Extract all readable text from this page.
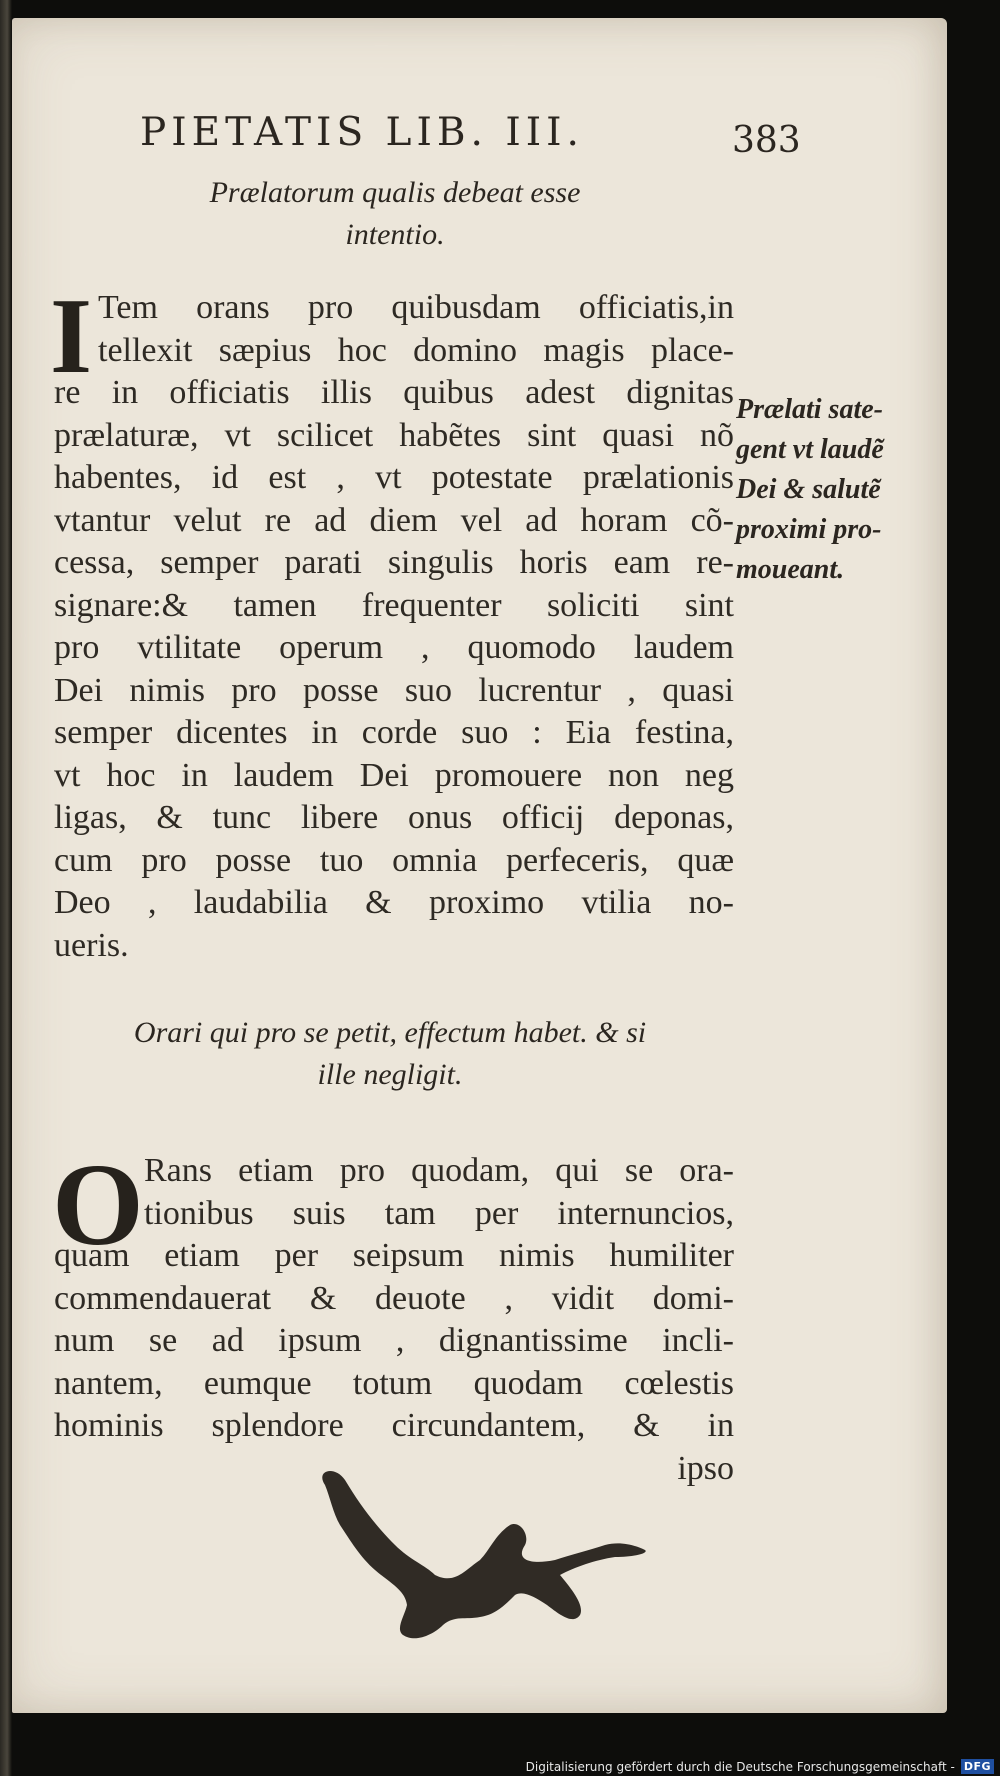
PIETATIS LIB. III.	383
Prælatorum qualis debeat esse
intentio.
I Tem orans pro quibusdam officiatis,in
tellexit sæpius hoc domino magis place-
re in officiatis illis quibus adest dignitas
prælaturæ, vt scilicet habẽtes sint quasi nõ
habentes, id est , vt potestate prælationis
vtantur velut re ad diem vel ad horam cõ-
cessa, semper parati singulis horis eam re-
signare:& tamen frequenter soliciti sint
pro vtilitate operum , quomodo laudem
Dei nimis pro posse suo lucrentur , quasi
semper dicentes in corde suo : Eia festina,
vt hoc in laudem Dei promouere non neg
ligas, & tunc libere onus officij deponas,
cum pro posse tuo omnia perfeceris, quæ
Deo , laudabilia & proximo vtilia no-
ueris.
Prælati sate-
gent vt laudẽ
Dei & salutẽ
proximi pro-
moueant.
Orari qui pro se petit, effectum habet. & si
ille negligit.
O Rans etiam pro quodam, qui se ora-
tionibus suis tam per internuncios,
quam etiam per seipsum nimis humiliter
commendauerat & deuote , vidit domi-
num se ad ipsum , dignantissime incli-
nantem, eumque totum quodam cœlestis
hominis splendore circundantem, & in
ipso
Digitalisierung gefördert durch die Deutsche Forschungsgemeinschaft - DFG
